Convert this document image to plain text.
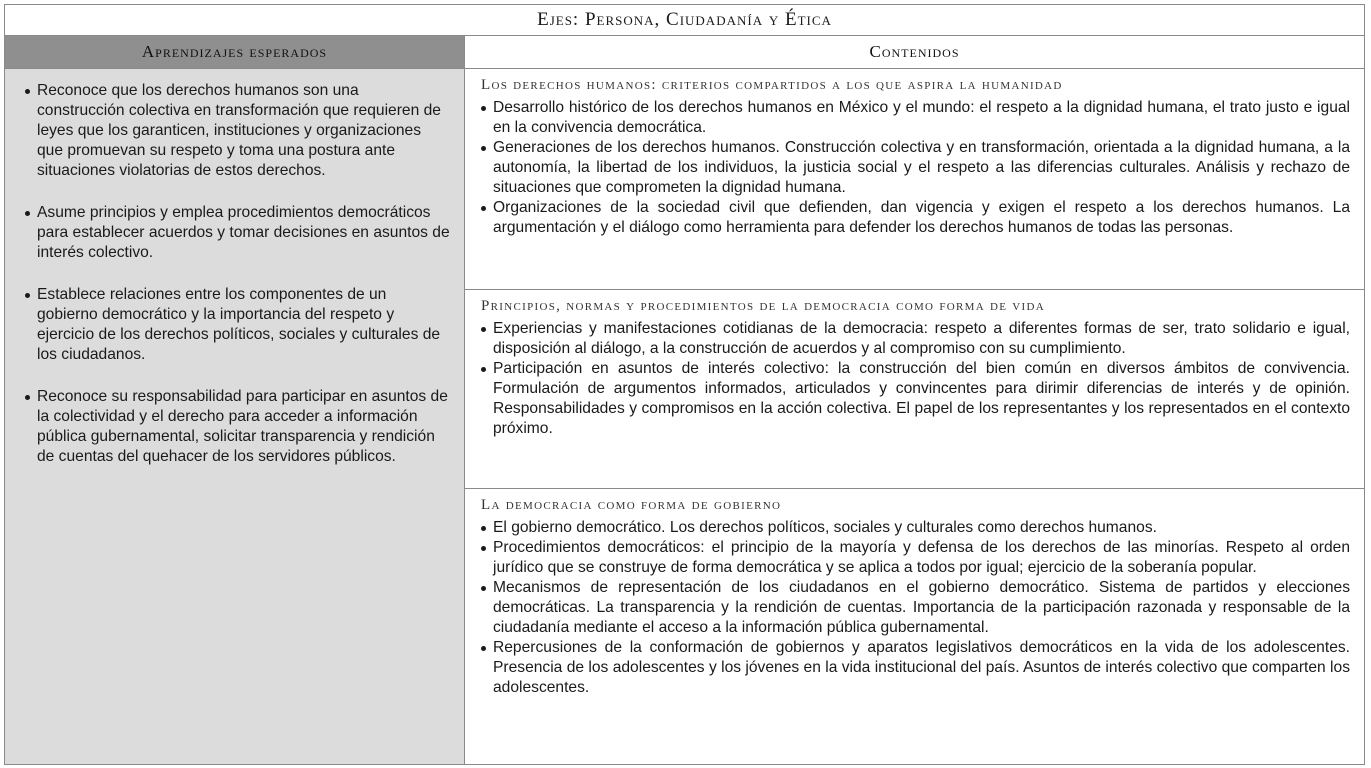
Ejes: Persona, Ciudadanía y Ética
Aprendizajes esperados	Contenidos
Reconoce que los derechos humanos son una construcción colectiva en transformación que requieren de leyes que los garanticen, instituciones y organizaciones que promuevan su respeto y toma una postura ante situaciones violatorias de estos derechos.
Asume principios y emplea procedimientos democráticos para establecer acuerdos y tomar decisiones en asuntos de interés colectivo.
Establece relaciones entre los componentes de un gobierno democrático y la importancia del respeto y ejercicio de los derechos políticos, sociales y culturales de los ciudadanos.
Reconoce su responsabilidad para participar en asuntos de la colectividad y el derecho para acceder a información pública gubernamental, solicitar transparencia y rendición de cuentas del quehacer de los servidores públicos.
Los derechos humanos: criterios compartidos a los que aspira la humanidad
Desarrollo histórico de los derechos humanos en México y el mundo: el respeto a la dignidad humana, el trato justo e igual en la convivencia democrática.
Generaciones de los derechos humanos. Construcción colectiva y en transformación, orientada a la dignidad humana, a la autonomía, la libertad de los individuos, la justicia social y el respeto a las diferencias culturales. Análisis y rechazo de situaciones que comprometen la dignidad humana.
Organizaciones de la sociedad civil que defienden, dan vigencia y exigen el respeto a los derechos humanos. La argumentación y el diálogo como herramienta para defender los derechos humanos de todas las personas.
Principios, normas y procedimientos de la democracia como forma de vida
Experiencias y manifestaciones cotidianas de la democracia: respeto a diferentes formas de ser, trato solidario e igual, disposición al diálogo, a la construcción de acuerdos y al compromiso con su cumplimiento.
Participación en asuntos de interés colectivo: la construcción del bien común en diversos ámbitos de convivencia. Formulación de argumentos informados, articulados y convincentes para dirimir diferencias de interés y de opinión. Responsabilidades y compromisos en la acción colectiva. El papel de los representantes y los representados en el contexto próximo.
La democracia como forma de gobierno
El gobierno democrático. Los derechos políticos, sociales y culturales como derechos humanos.
Procedimientos democráticos: el principio de la mayoría y defensa de los derechos de las minorías. Respeto al orden jurídico que se construye de forma democrática y se aplica a todos por igual; ejercicio de la soberanía popular.
Mecanismos de representación de los ciudadanos en el gobierno democrático. Sistema de partidos y elecciones democráticas. La transparencia y la rendición de cuentas. Importancia de la participación razonada y responsable de la ciudadanía mediante el acceso a la información pública gubernamental.
Repercusiones de la conformación de gobiernos y aparatos legislativos democráticos en la vida de los adolescentes. Presencia de los adolescentes y los jóvenes en la vida institucional del país. Asuntos de interés colectivo que comparten los adolescentes.
